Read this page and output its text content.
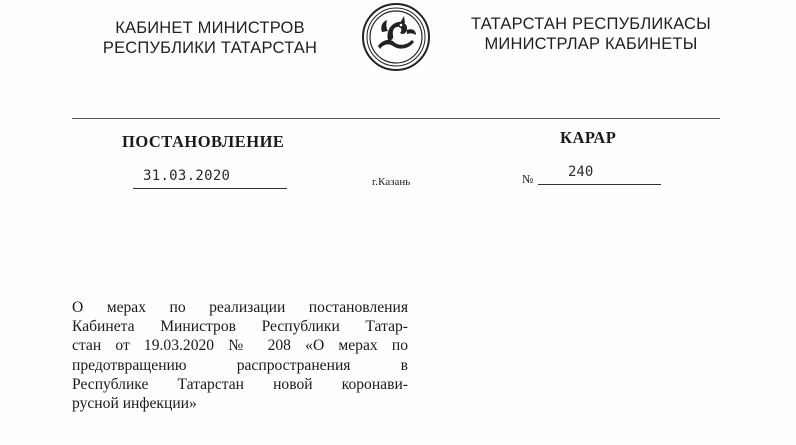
КАБИНЕТ МИНИСТРОВ
РЕСПУБЛИКИ ТАТАРСТАН
ТАТАРСТАН РЕСПУБЛИКАСЫ
МИНИСТРЛАР КАБИНЕТЫ
ПОСТАНОВЛЕНИЕ	КАРАР
31.03.2020	г.Казань	№ 240
О мерах по реализации постановления
Кабинета Министров Республики Татар-
стан от 19.03.2020 № 208 «О мерах по
предотвращению распространения в
Республике Татарстан новой коронави-
русной инфекции»
